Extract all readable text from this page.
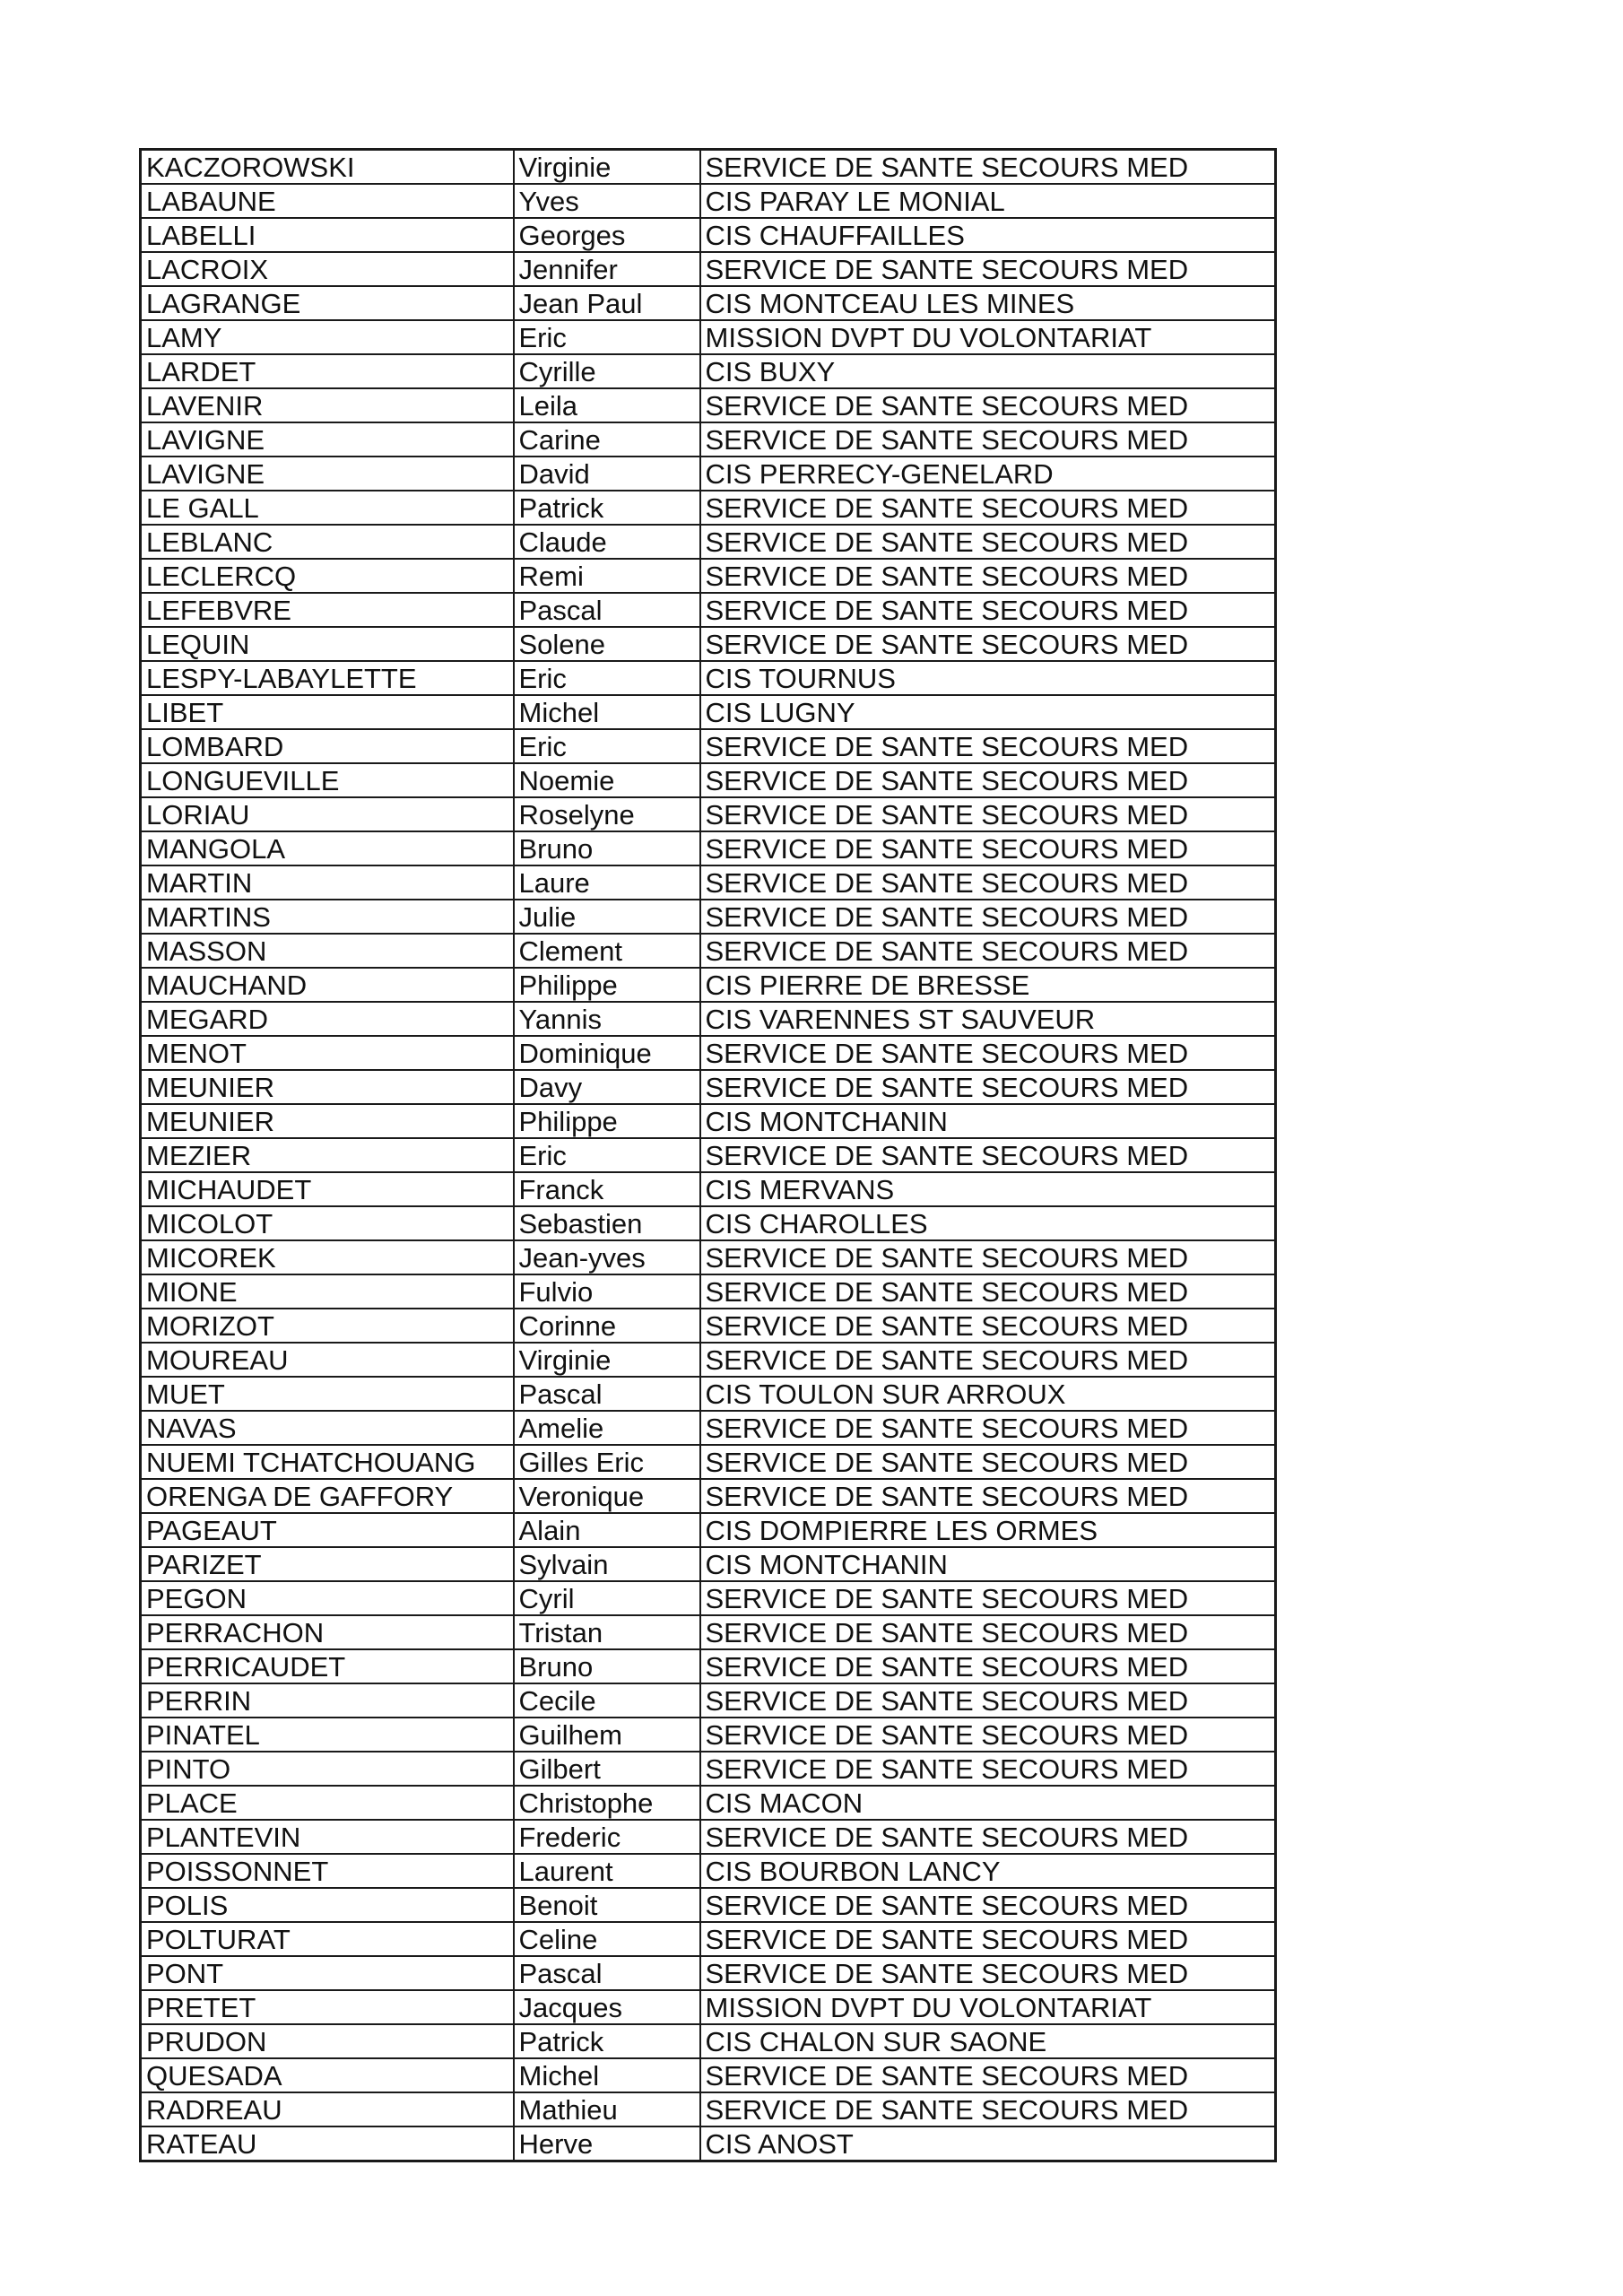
KACZOROWSKI	Virginie	SERVICE DE SANTE SECOURS MED
LABAUNE	Yves	CIS PARAY LE MONIAL
LABELLI	Georges	CIS CHAUFFAILLES
LACROIX	Jennifer	SERVICE DE SANTE SECOURS MED
LAGRANGE	Jean Paul	CIS MONTCEAU LES MINES
LAMY	Eric	MISSION DVPT DU VOLONTARIAT
LARDET	Cyrille	CIS BUXY
LAVENIR	Leila	SERVICE DE SANTE SECOURS MED
LAVIGNE	Carine	SERVICE DE SANTE SECOURS MED
LAVIGNE	David	CIS PERRECY-GENELARD
LE GALL	Patrick	SERVICE DE SANTE SECOURS MED
LEBLANC	Claude	SERVICE DE SANTE SECOURS MED
LECLERCQ	Remi	SERVICE DE SANTE SECOURS MED
LEFEBVRE	Pascal	SERVICE DE SANTE SECOURS MED
LEQUIN	Solene	SERVICE DE SANTE SECOURS MED
LESPY-LABAYLETTE	Eric	CIS TOURNUS
LIBET	Michel	CIS LUGNY
LOMBARD	Eric	SERVICE DE SANTE SECOURS MED
LONGUEVILLE	Noemie	SERVICE DE SANTE SECOURS MED
LORIAU	Roselyne	SERVICE DE SANTE SECOURS MED
MANGOLA	Bruno	SERVICE DE SANTE SECOURS MED
MARTIN	Laure	SERVICE DE SANTE SECOURS MED
MARTINS	Julie	SERVICE DE SANTE SECOURS MED
MASSON	Clement	SERVICE DE SANTE SECOURS MED
MAUCHAND	Philippe	CIS PIERRE DE BRESSE
MEGARD	Yannis	CIS VARENNES ST SAUVEUR
MENOT	Dominique	SERVICE DE SANTE SECOURS MED
MEUNIER	Davy	SERVICE DE SANTE SECOURS MED
MEUNIER	Philippe	CIS MONTCHANIN
MEZIER	Eric	SERVICE DE SANTE SECOURS MED
MICHAUDET	Franck	CIS MERVANS
MICOLOT	Sebastien	CIS CHAROLLES
MICOREK	Jean-yves	SERVICE DE SANTE SECOURS MED
MIONE	Fulvio	SERVICE DE SANTE SECOURS MED
MORIZOT	Corinne	SERVICE DE SANTE SECOURS MED
MOUREAU	Virginie	SERVICE DE SANTE SECOURS MED
MUET	Pascal	CIS TOULON SUR ARROUX
NAVAS	Amelie	SERVICE DE SANTE SECOURS MED
NUEMI TCHATCHOUANG	Gilles Eric	SERVICE DE SANTE SECOURS MED
ORENGA DE GAFFORY	Veronique	SERVICE DE SANTE SECOURS MED
PAGEAUT	Alain	CIS DOMPIERRE LES ORMES
PARIZET	Sylvain	CIS MONTCHANIN
PEGON	Cyril	SERVICE DE SANTE SECOURS MED
PERRACHON	Tristan	SERVICE DE SANTE SECOURS MED
PERRICAUDET	Bruno	SERVICE DE SANTE SECOURS MED
PERRIN	Cecile	SERVICE DE SANTE SECOURS MED
PINATEL	Guilhem	SERVICE DE SANTE SECOURS MED
PINTO	Gilbert	SERVICE DE SANTE SECOURS MED
PLACE	Christophe	CIS MACON
PLANTEVIN	Frederic	SERVICE DE SANTE SECOURS MED
POISSONNET	Laurent	CIS BOURBON LANCY
POLIS	Benoit	SERVICE DE SANTE SECOURS MED
POLTURAT	Celine	SERVICE DE SANTE SECOURS MED
PONT	Pascal	SERVICE DE SANTE SECOURS MED
PRETET	Jacques	MISSION DVPT DU VOLONTARIAT
PRUDON	Patrick	CIS CHALON SUR SAONE
QUESADA	Michel	SERVICE DE SANTE SECOURS MED
RADREAU	Mathieu	SERVICE DE SANTE SECOURS MED
RATEAU	Herve	CIS ANOST
